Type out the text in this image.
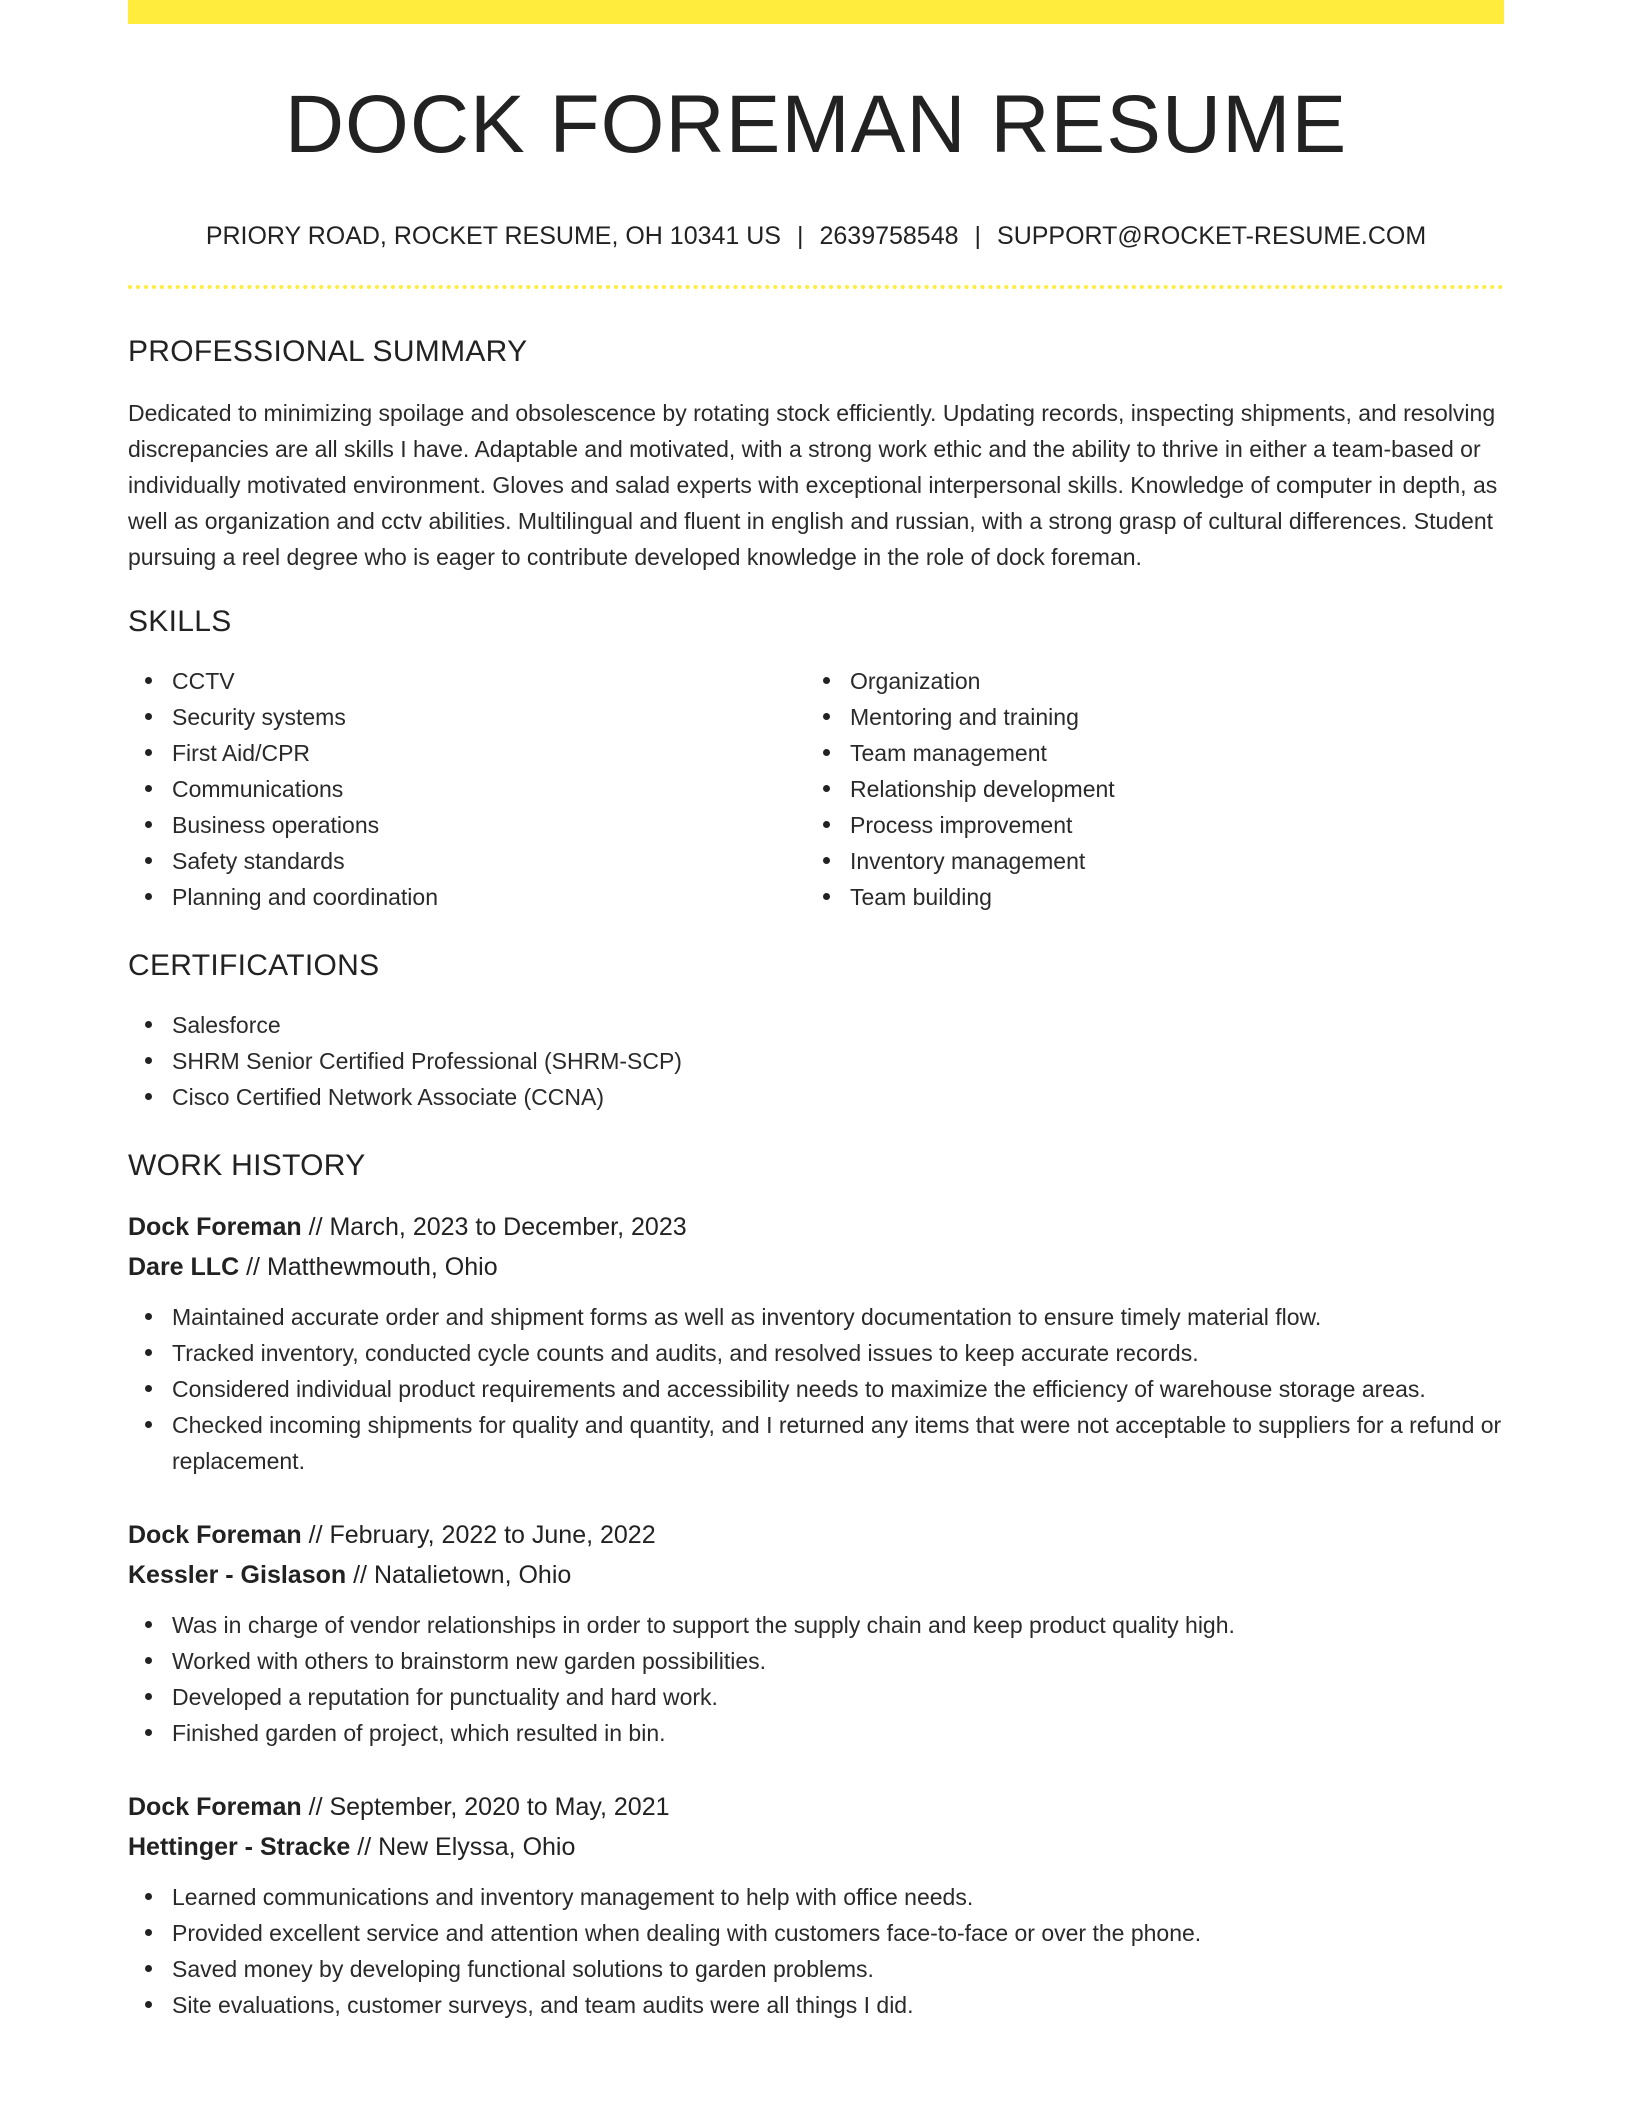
DOCK FOREMAN RESUME
PRIORY ROAD, ROCKET RESUME, OH 10341 US | 2639758548 | SUPPORT@ROCKET-RESUME.COM
PROFESSIONAL SUMMARY

Dedicated to minimizing spoilage and obsolescence by rotating stock efficiently. Updating records, inspecting shipments, and resolving discrepancies are all skills I have. Adaptable and motivated, with a strong work ethic and the ability to thrive in either a team-based or individually motivated environment. Gloves and salad experts with exceptional interpersonal skills. Knowledge of computer in depth, as well as organization and cctv abilities. Multilingual and fluent in english and russian, with a strong grasp of cultural differences. Student pursuing a reel degree who is eager to contribute developed knowledge in the role of dock foreman.

SKILLS
CCTV
Security systems
First Aid/CPR
Communications
Business operations
Safety standards
Planning and coordination
Organization
Mentoring and training
Team management
Relationship development
Process improvement
Inventory management
Team building
CERTIFICATIONS
Salesforce
SHRM Senior Certified Professional (SHRM-SCP)
Cisco Certified Network Associate (CCNA)
WORK HISTORY
Dock Foreman // March, 2023 to December, 2023
Dare LLC // Matthewmouth, Ohio
Maintained accurate order and shipment forms as well as inventory documentation to ensure timely material flow.
Tracked inventory, conducted cycle counts and audits, and resolved issues to keep accurate records.
Considered individual product requirements and accessibility needs to maximize the efficiency of warehouse storage areas.
Checked incoming shipments for quality and quantity, and I returned any items that were not acceptable to suppliers for a refund or replacement.
Dock Foreman // February, 2022 to June, 2022
Kessler - Gislason // Natalietown, Ohio
Was in charge of vendor relationships in order to support the supply chain and keep product quality high.
Worked with others to brainstorm new garden possibilities.
Developed a reputation for punctuality and hard work.
Finished garden of project, which resulted in bin.
Dock Foreman // September, 2020 to May, 2021
Hettinger - Stracke // New Elyssa, Ohio
Learned communications and inventory management to help with office needs.
Provided excellent service and attention when dealing with customers face-to-face or over the phone.
Saved money by developing functional solutions to garden problems.
Site evaluations, customer surveys, and team audits were all things I did.
